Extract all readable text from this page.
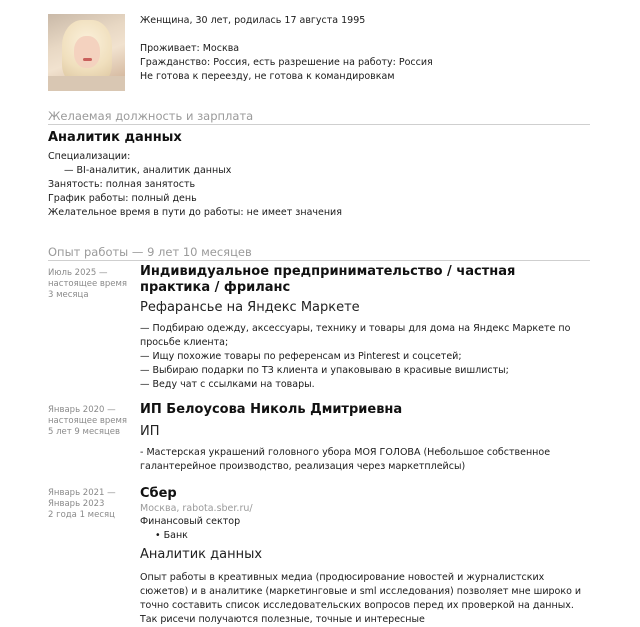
Женщина, 30 лет, родилась 17 августа 1995
Проживает: Москва
Гражданство: Россия, есть разрешение на работу: Россия
Не готова к переезду, не готова к командировкам
Желаемая должность и зарплата
Аналитик данных
Специализации:
— BI-аналитик, аналитик данных
Занятость: полная занятость
График работы: полный день
Желательное время в пути до работы: не имеет значения
Опыт работы — 9 лет 10 месяцев
Июль 2025 —
настоящее время
3 месяца
Индивидуальное предпринимательство / частная практика / фриланс
Рефарансье на Яндекс Маркете
— Подбираю одежду, аксессуары, технику и товары для дома на Яндекс Маркете по просьбе клиента;
— Ищу похожие товары по референсам из Pinterest и соцсетей;
— Выбираю подарки по ТЗ клиента и упаковываю в красивые вишлисты;
— Веду чат с ссылками на товары.
Январь 2020 —
настоящее время
5 лет 9 месяцев
ИП Белоусова Николь Дмитриевна
ИП
- Мастерская украшений головного убора МОЯ ГОЛОВА (Небольшое собственное галантерейное производство, реализация через маркетплейсы)
Январь 2021 —
Январь 2023
2 года 1 месяц
Сбер
Москва, rabota.sber.ru/
Финансовый сектор
• Банк
Аналитик данных
Опыт работы в креативных медиа (продюсирование новостей и журналистских сюжетов) и в аналитике (маркетинговые и sml исследования) позволяет мне широко и точно составить список исследовательских вопросов перед их проверкой на данных. Так рисечи получаются полезные, точные и интересные
